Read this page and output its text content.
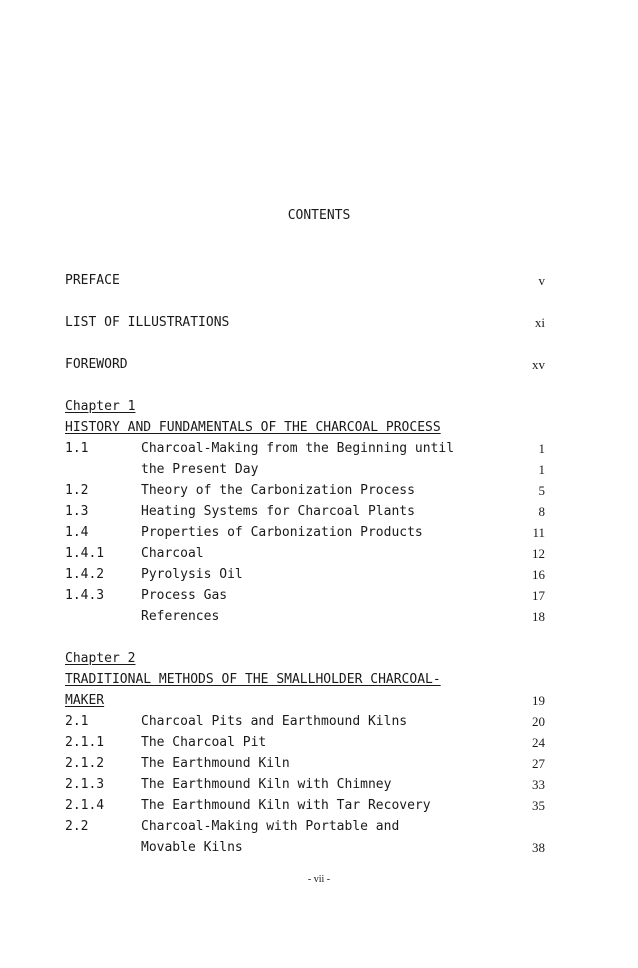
CONTENTS
PREFACE	v
LIST OF ILLUSTRATIONS	xi
FOREWORD	xv
Chapter 1
HISTORY AND FUNDAMENTALS OF THE CHARCOAL PROCESS
1.1	Charcoal-Making from the Beginning until	1
the Present Day	1
1.2	Theory of the Carbonization Process	5
1.3	Heating Systems for Charcoal Plants	8
1.4	Properties of Carbonization Products	11
1.4.1	Charcoal	12
1.4.2	Pyrolysis Oil	16
1.4.3	Process Gas	17
References	18
Chapter 2
TRADITIONAL METHODS OF THE SMALLHOLDER CHARCOAL-
MAKER	19
2.1	Charcoal Pits and Earthmound Kilns	20
2.1.1	The Charcoal Pit	24
2.1.2	The Earthmound Kiln	27
2.1.3	The Earthmound Kiln with Chimney	33
2.1.4	The Earthmound Kiln with Tar Recovery	35
2.2	Charcoal-Making with Portable and
Movable Kilns	38
- vii -
